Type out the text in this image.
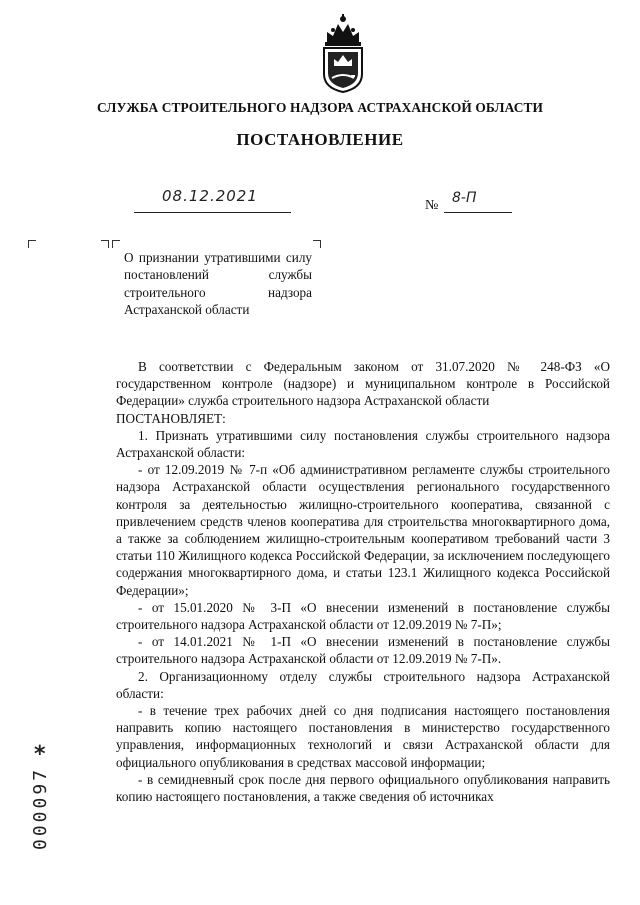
СЛУЖБА СТРОИТЕЛЬНОГО НАДЗОРА АСТРАХАНСКОЙ ОБЛАСТИ
ПОСТАНОВЛЕНИЕ
08.12.2021
№ 8-П
О признании утратившими силу постановлений службы строительного надзора Астраханской области

В соответствии с Федеральным законом от 31.07.2020 № 248-ФЗ «О государственном контроле (надзоре) и муниципальном контроле в Российской Федерации» служба строительного надзора Астраханской области

ПОСТАНОВЛЯЕТ:

1. Признать утратившими силу постановления службы строительного надзора Астраханской области:

- от 12.09.2019 № 7-п «Об административном регламенте службы строительного надзора Астраханской области осуществления регионального государственного контроля за деятельностью жилищно-строительного кооператива, связанной с привлечением средств членов кооператива для строительства многоквартирного дома, а также за соблюдением жилищно-строительным кооперативом требований части 3 статьи 110 Жилищного кодекса Российской Федерации, за исключением последующего содержания многоквартирного дома, и статьи 123.1 Жилищного кодекса Российской Федерации»;

- от 15.01.2020 № 3-П «О внесении изменений в постановление службы строительного надзора Астраханской области от 12.09.2019 № 7-П»;

- от 14.01.2021 № 1-П «О внесении изменений в постановление службы строительного надзора Астраханской области от 12.09.2019 № 7-П».

2. Организационному отделу службы строительного надзора Астраханской области:

- в течение трех рабочих дней со дня подписания настоящего постановления направить копию настоящего постановления в министерство государственного управления, информационных технологий и связи Астраханской области для официального опубликования в средствах массовой информации;

- в семидневный срок после дня первого официального опубликования направить копию настоящего постановления, а также сведения об источниках

*
000097
